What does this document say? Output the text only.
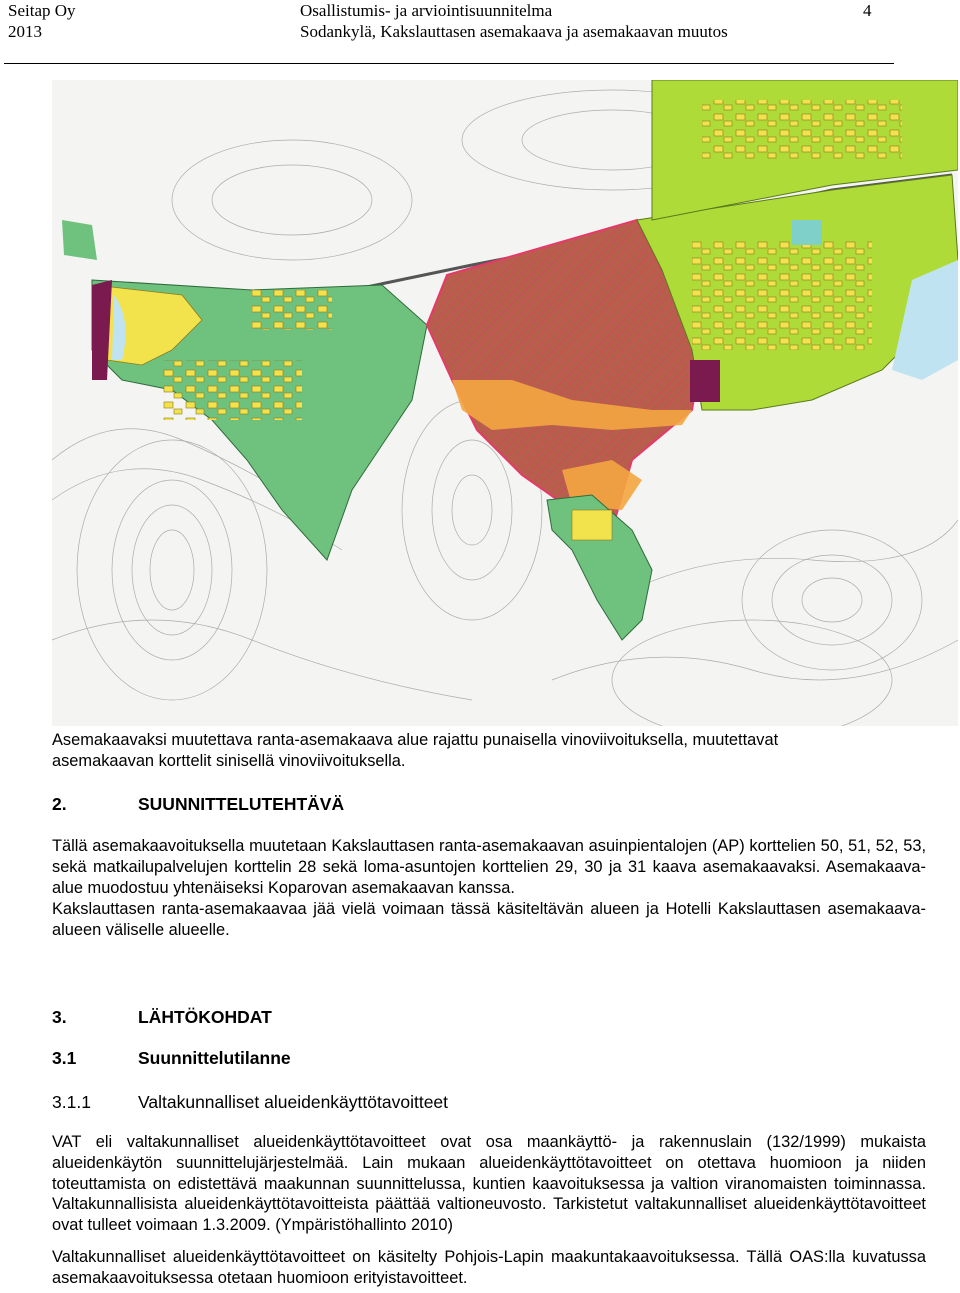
Seitap Oy
2013
Osallistumis- ja arviointisuunnitelma
Sodankylä, Kakslauttasen asemakaava ja asemakaavan muutos
4
Asemakaavaksi muutettava ranta-asemakaava alue rajattu punaisella vinoviivoituksella, muutettavat
asemakaavan korttelit sinisellä vinoviivoituksella.
2.	SUUNNITTELUTEHTÄVÄ
Tällä asemakaavoituksella muutetaan Kakslauttasen ranta-asemakaavan asuinpientalojen (AP) korttelien 50, 51, 52, 53, sekä matkailupalvelujen korttelin 28 sekä loma-asuntojen korttelien 29, 30 ja 31 kaava asemakaavaksi. Asemakaava-alue muodostuu yhtenäiseksi Koparovan asemakaavan kanssa.
Kakslauttasen ranta-asemakaavaa jää vielä voimaan tässä käsiteltävän alueen ja Hotelli Kakslauttasen asemakaava-alueen väliselle alueelle.
3.	LÄHTÖKOHDAT
3.1	Suunnittelutilanne
3.1.1	Valtakunnalliset alueidenkäyttötavoitteet
VAT eli valtakunnalliset alueidenkäyttötavoitteet ovat osa maankäyttö- ja rakennuslain (132/1999) mukaista alueidenkäytön suunnittelujärjestelmää. Lain mukaan alueidenkäyttötavoitteet on otettava huomioon ja niiden toteuttamista on edistettävä maakunnan suunnittelussa, kuntien kaavoituksessa ja valtion viranomaisten toiminnassa. Valtakunnallisista alueidenkäyttötavoitteista päättää valtioneuvosto. Tarkistetut valtakunnalliset alueidenkäyttötavoitteet ovat tulleet voimaan 1.3.2009. (Ympäristöhallinto 2010)
Valtakunnalliset alueidenkäyttötavoitteet on käsitelty Pohjois-Lapin maakuntakaavoituksessa. Tällä OAS:lla kuvatussa asemakaavoituksessa otetaan huomioon erityistavoitteet.
